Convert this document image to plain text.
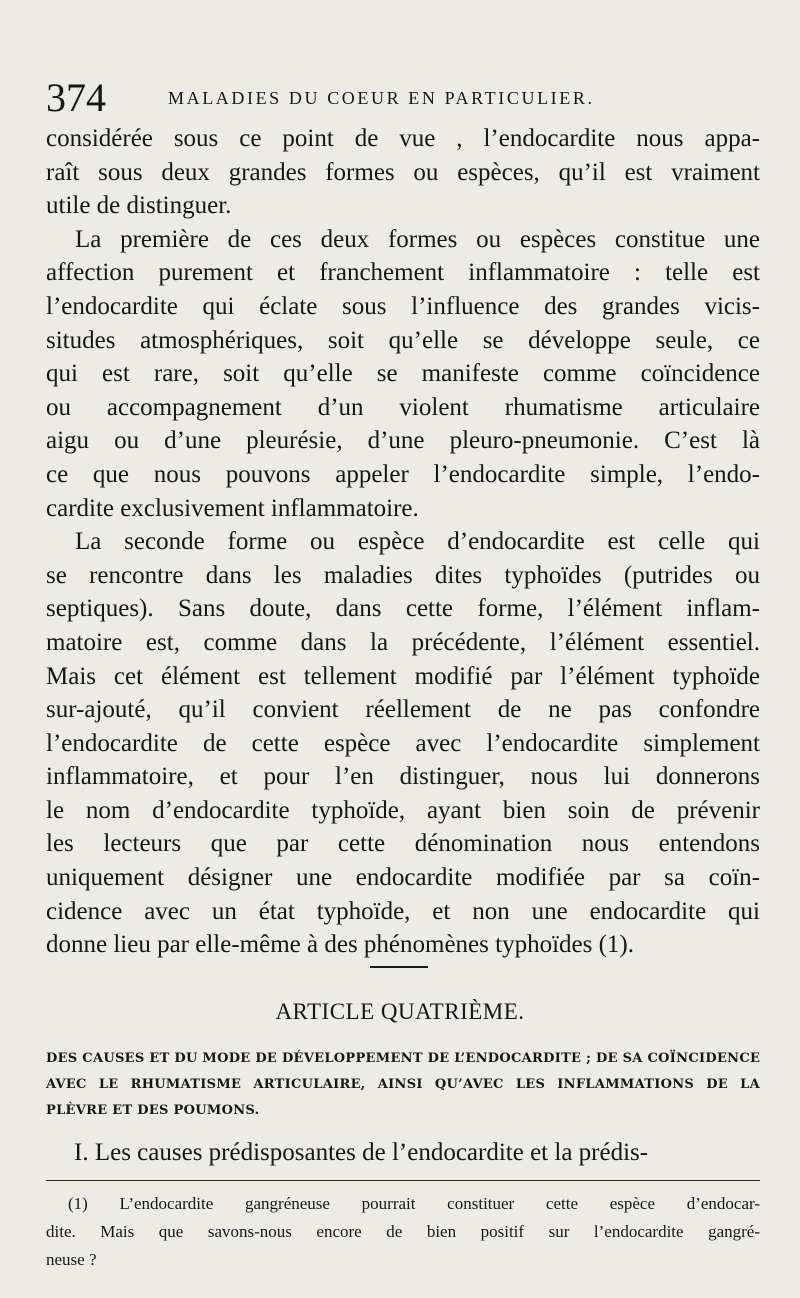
374	MALADIES DU COEUR EN PARTICULIER.
considérée sous ce point de vue , l’endocardite nous appa-
raît sous deux grandes formes ou espèces, qu’il est vraiment
utile de distinguer.
La première de ces deux formes ou espèces constitue une
affection purement et franchement inflammatoire : telle est
l’endocardite qui éclate sous l’influence des grandes vicis-
situdes atmosphériques, soit qu’elle se développe seule, ce
qui est rare, soit qu’elle se manifeste comme coïncidence
ou accompagnement d’un violent rhumatisme articulaire
aigu ou d’une pleurésie, d’une pleuro-pneumonie. C’est là
ce que nous pouvons appeler l’endocardite simple, l’endo-
cardite exclusivement inflammatoire.
La seconde forme ou espèce d’endocardite est celle qui
se rencontre dans les maladies dites typhoïdes (putrides ou
septiques). Sans doute, dans cette forme, l’élément inflam-
matoire est, comme dans la précédente, l’élément essentiel.
Mais cet élément est tellement modifié par l’élément typhoïde
sur-ajouté, qu’il convient réellement de ne pas confondre
l’endocardite de cette espèce avec l’endocardite simplement
inflammatoire, et pour l’en distinguer, nous lui donnerons
le nom d’endocardite typhoïde, ayant bien soin de prévenir
les lecteurs que par cette dénomination nous entendons
uniquement désigner une endocardite modifiée par sa coïn-
cidence avec un état typhoïde, et non une endocardite qui
donne lieu par elle-même à des phénomènes typhoïdes (1).
ARTICLE QUATRIÈME.
DES CAUSES ET DU MODE DE DÉVELOPPEMENT DE L’ENDOCARDITE ; DE SA COÏNCIDENCE
AVEC LE RHUMATISME ARTICULAIRE, AINSI QU’AVEC LES INFLAMMATIONS DE LA
PLÈVRE ET DES POUMONS.
I. Les causes prédisposantes de l’endocardite et la prédis-
(1) L’endocardite gangréneuse pourrait constituer cette espèce d’endocar-
dite. Mais que savons-nous encore de bien positif sur l’endocardite gangré-
neuse ?
